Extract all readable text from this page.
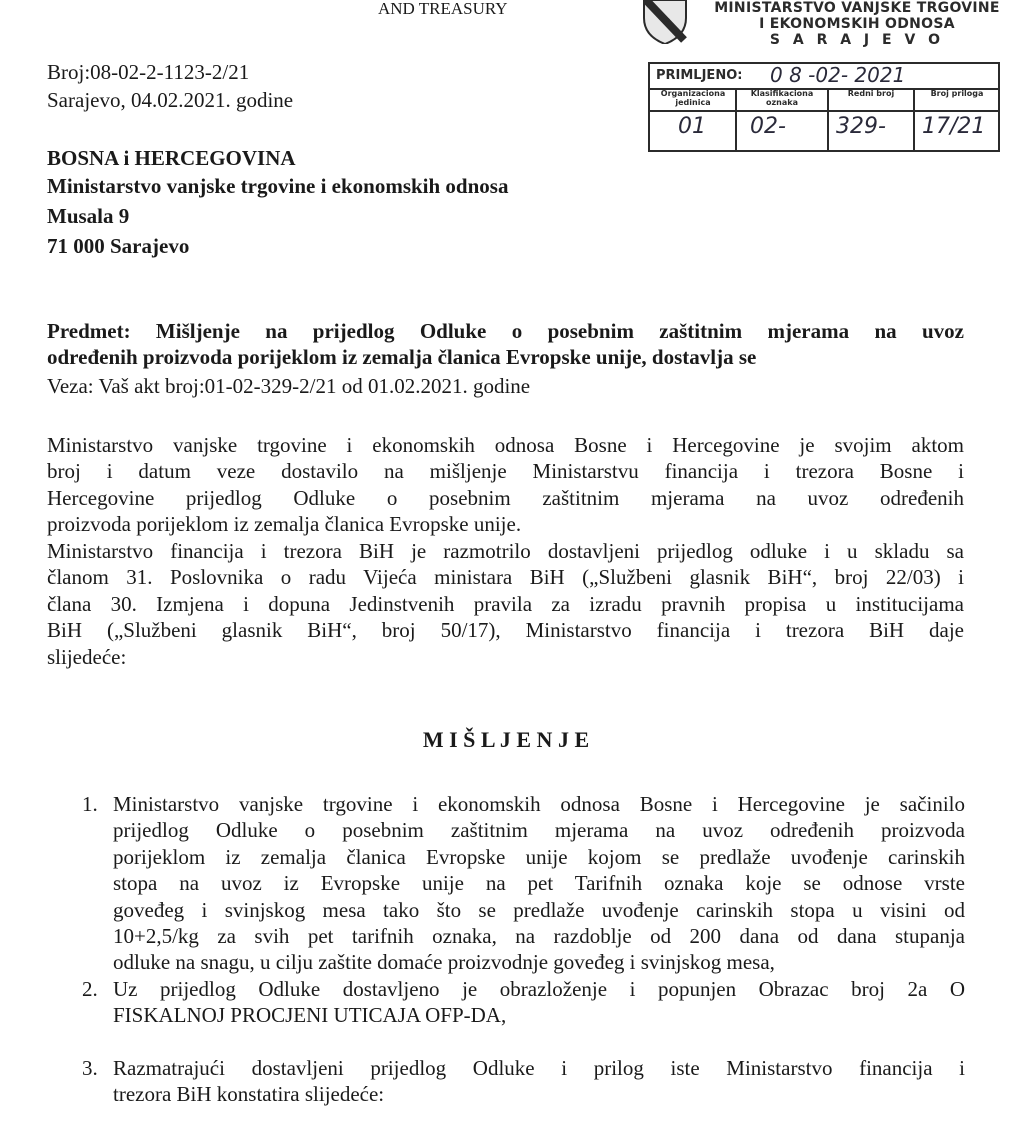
AND TREASURY	MINISTARSTVO VANJSKE TRGOVINE
I EKONOMSKIH ODNOSA
S A R A J E V O
PRIMLJENO: 0 8 -02- 2021
Organizaciona jedinica
Klasifikaciona oznaka
Redni broj	Broj priloga
01 02- 329- 17/21
Broj:08-02-2-1123-2/21
Sarajevo, 04.02.2021. godine
BOSNA i HERCEGOVINA
Ministarstvo vanjske trgovine i ekonomskih odnosa
Musala 9
71 000 Sarajevo
Predmet: Mišljenje na prijedlog Odluke o posebnim zaštitnim mjerama na uvoz
određenih proizvoda porijeklom iz zemalja članica Evropske unije, dostavlja se
Veza: Vaš akt broj:01-02-329-2/21 od 01.02.2021. godine
Ministarstvo vanjske trgovine i ekonomskih odnosa Bosne i Hercegovine je svojim aktom
broj i datum veze dostavilo na mišljenje Ministarstvu financija i trezora Bosne i
Hercegovine prijedlog Odluke o posebnim zaštitnim mjerama na uvoz određenih
proizvoda porijeklom iz zemalja članica Evropske unije.
Ministarstvo financija i trezora BiH je razmotrilo dostavljeni prijedlog odluke i u skladu sa
članom 31. Poslovnika o radu Vijeća ministara BiH („Službeni glasnik BiH“, broj 22/03) i
člana 30. Izmjena i dopuna Jedinstvenih pravila za izradu pravnih propisa u institucijama
BiH („Službeni glasnik BiH“, broj 50/17), Ministarstvo financija i trezora BiH daje
slijedeće:
M I Š L J E N J E
1. Ministarstvo vanjske trgovine i ekonomskih odnosa Bosne i Hercegovine je sačinilo
prijedlog Odluke o posebnim zaštitnim mjerama na uvoz određenih proizvoda
porijeklom iz zemalja članica Evropske unije kojom se predlaže uvođenje carinskih
stopa na uvoz iz Evropske unije na pet Tarifnih oznaka koje se odnose vrste
goveđeg i svinjskog mesa tako što se predlaže uvođenje carinskih stopa u visini od
10+2,5/kg za svih pet tarifnih oznaka, na razdoblje od 200 dana od dana stupanja
odluke na snagu, u cilju zaštite domaće proizvodnje goveđeg i svinjskog mesa,
2. Uz prijedlog Odluke dostavljeno je obrazloženje i popunjen Obrazac broj 2a O
FISKALNOJ PROCJENI UTICAJA OFP-DA,
3. Razmatrajući dostavljeni prijedlog Odluke i prilog iste Ministarstvo financija i
trezora BiH konstatira slijedeće:
